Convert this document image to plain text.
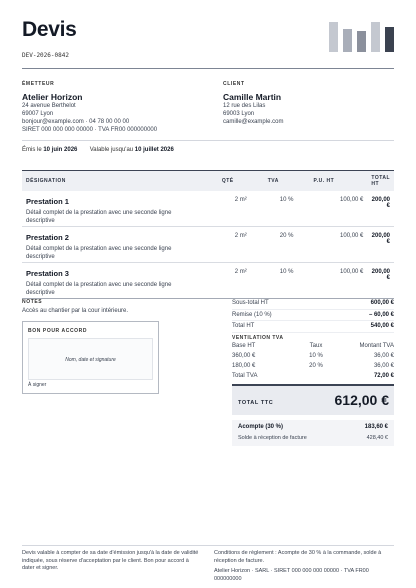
Devis
DEV-2026-0842
ÉMETTEUR
Atelier Horizon
24 avenue Berthelot
69007 Lyon
bonjour@example.com · 04 78 00 00 00
SIRET 000 000 000 00000 · TVA FR00 000000000
CLIENT
Camille Martin
12 rue des Lilas
69003 Lyon
camille@example.com
Émis le 10 juin 2026 Valable jusqu'au 10 juillet 2026
DÉSIGNATION	QTÉ	TVA	P.U. HT	TOTAL HT

Prestation 1
Détail complet de la prestation avec une seconde ligne descriptive	2 m²	10 %	100,00 €	200,00 €

Prestation 2
Détail complet de la prestation avec une seconde ligne descriptive	2 m²	20 %	100,00 €	200,00 €

Prestation 3
Détail complet de la prestation avec une seconde ligne descriptive	2 m²	10 %	100,00 €	200,00 €
NOTES
Accès au chantier par la cour intérieure.
BON POUR ACCORD
Nom, date et signature
À signer
Sous-total HT	600,00 €
Remise (10 %)	– 60,00 €
Total HT	540,00 €
VENTILATION TVA
Base HT	Taux	Montant TVA
360,00 €	10 %	36,00 €
180,00 €	20 %	36,00 €
Total TVA	72,00 €
TOTAL TTC	612,00 €
Acompte (30 %)	183,60 €
Solde à réception de facture	428,40 €
Devis valable à compter de sa date d'émission jusqu'à la date de validité indiquée, sous réserve d'acceptation par le client. Bon pour accord à dater et signer.
Conditions de règlement : Acompte de 30 % à la commande, solde à réception de facture.
Atelier Horizon · SARL · SIRET 000 000 000 00000 · TVA FR00 000000000
